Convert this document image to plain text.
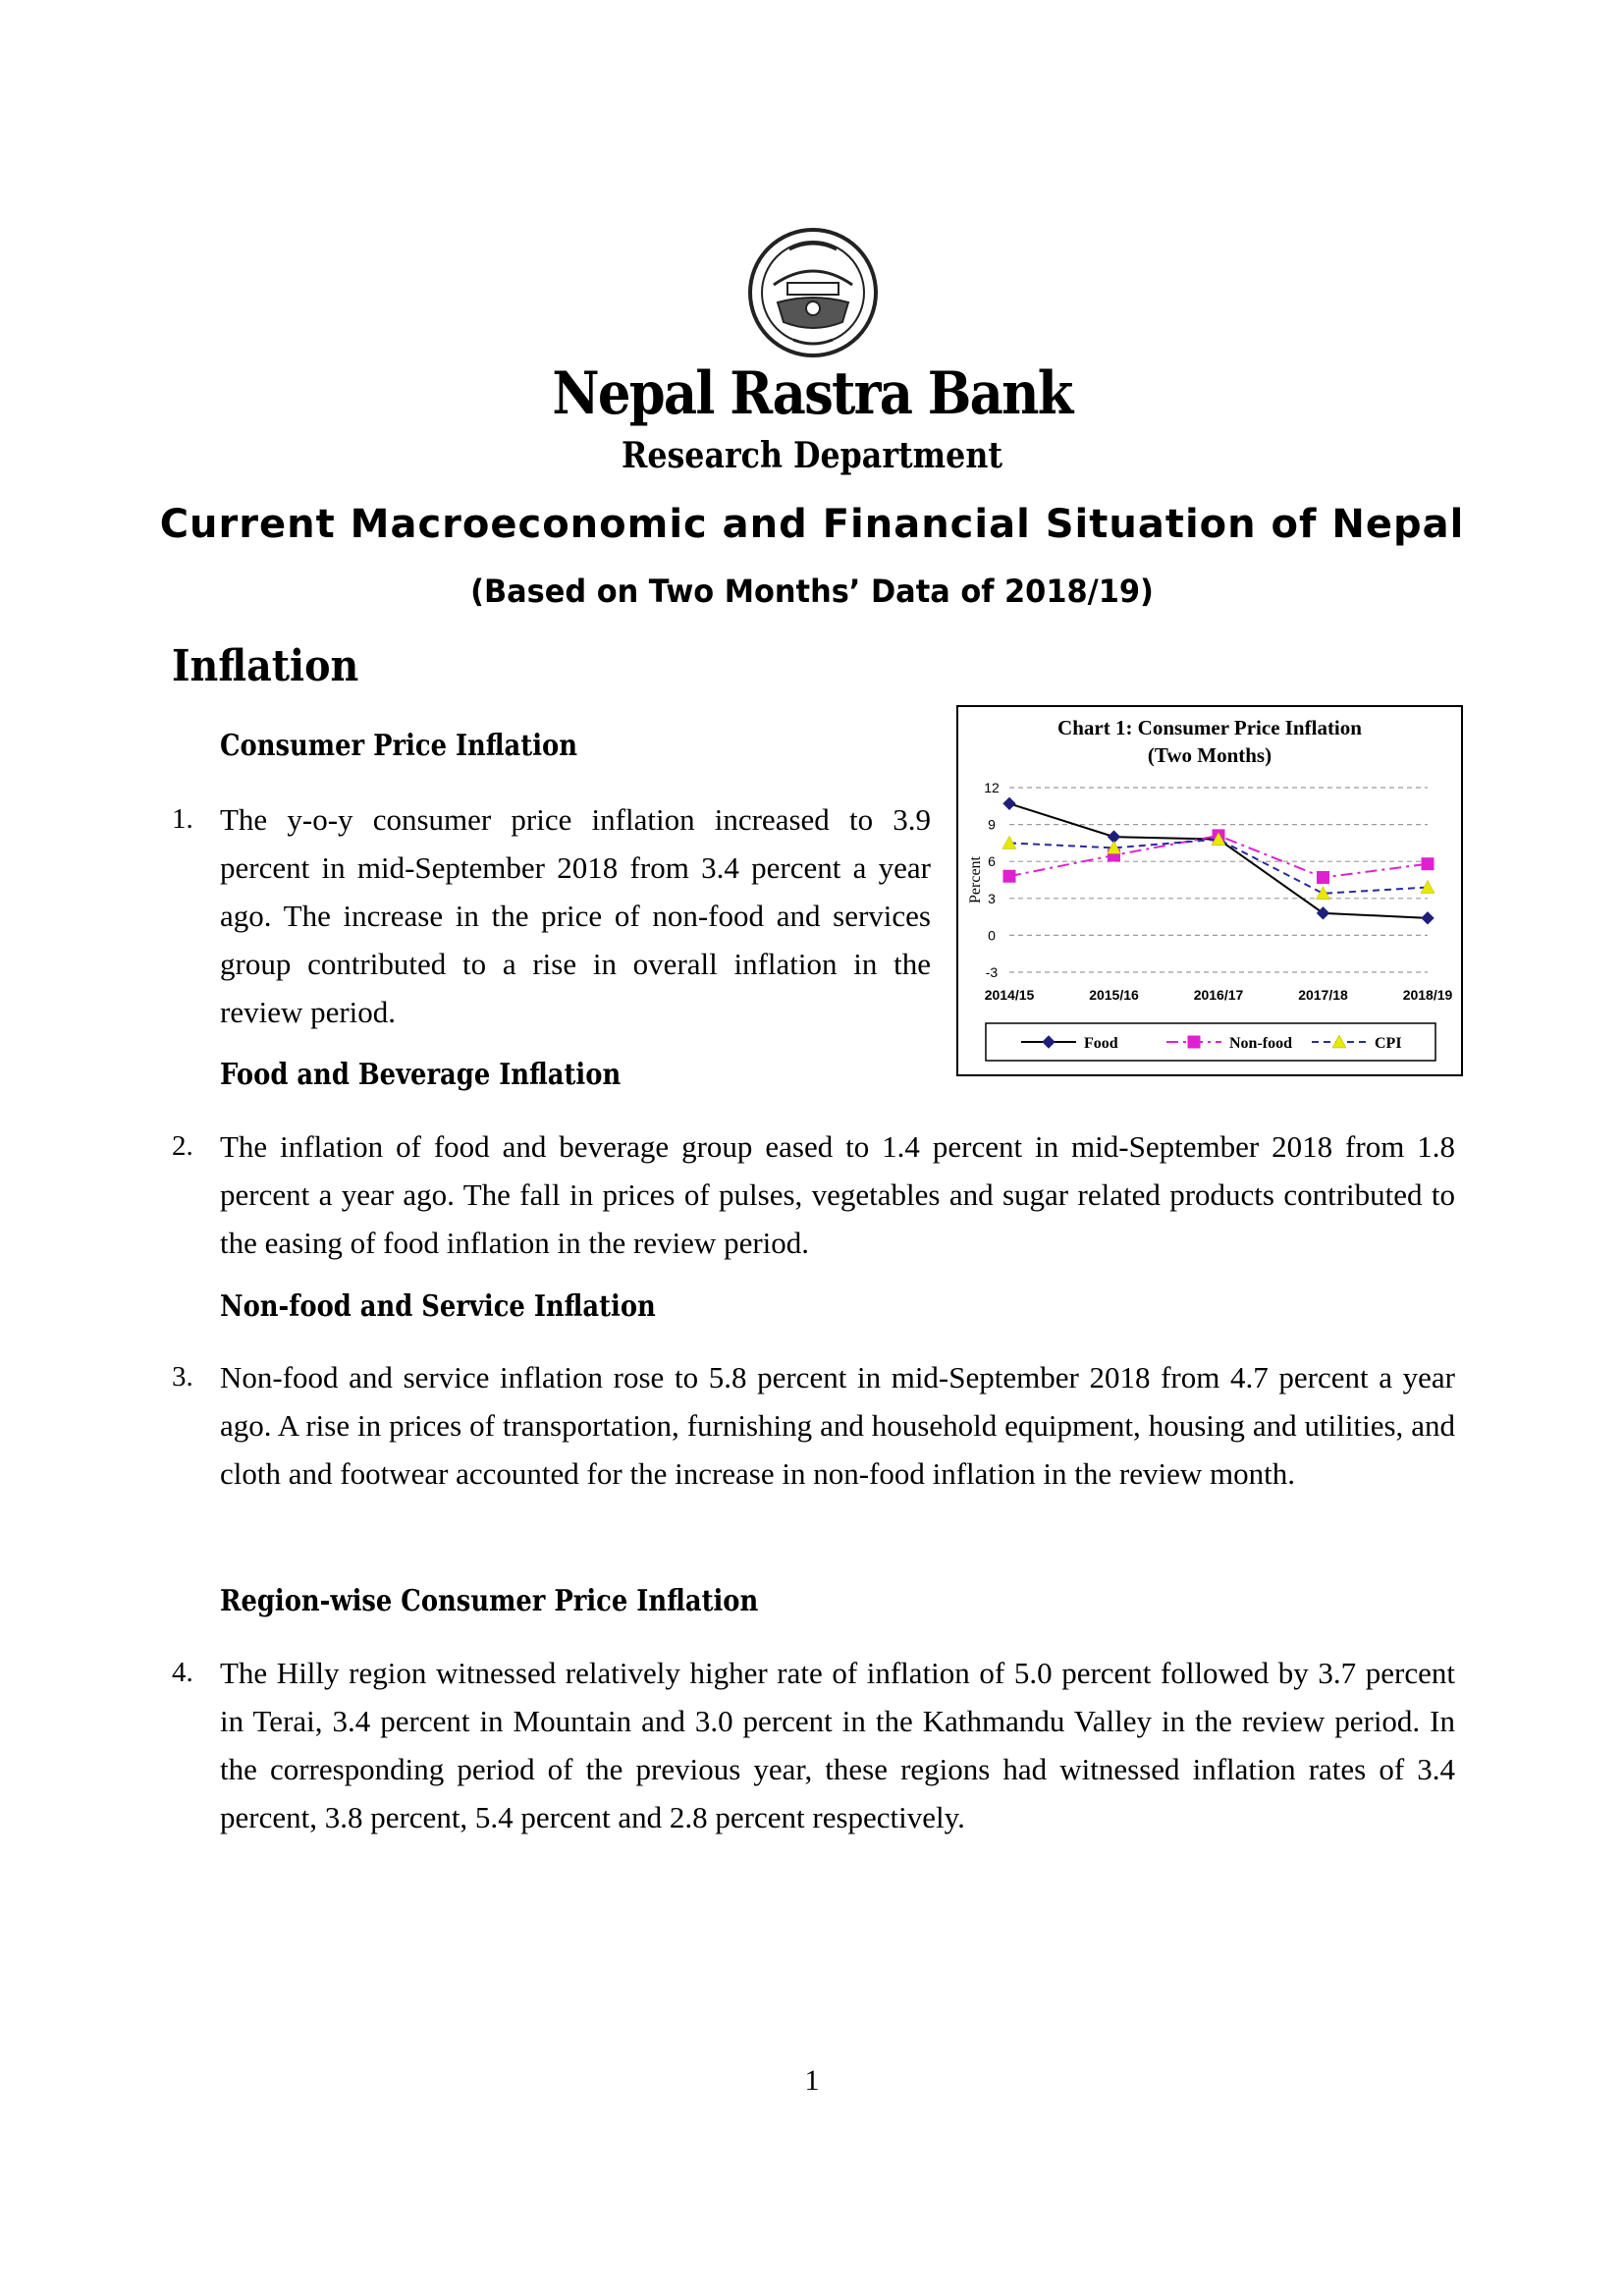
Nepal Rastra Bank
Research Department
Current Macroeconomic and Financial Situation of Nepal
(Based on Two Months’ Data of 2018/19)
Inflation
Consumer Price Inflation
1. The y-o-y consumer price inflation increased to 3.9 percent in mid-September 2018 from 3.4 percent a year ago. The increase in the price of non-food and services group contributed to a rise in overall inflation in the review period.
Chart 1: Consumer Price Inflation
(Two Months)
-3
0
3
6
9
12
Percent
2014/15	2015/16	2016/17	2017/18	2018/19
Food	Non-food	CPI
Food and Beverage Inflation
2. The inflation of food and beverage group eased to 1.4 percent in mid-September 2018 from 1.8 percent a year ago. The fall in prices of pulses, vegetables and sugar related products contributed to the easing of food inflation in the review period.
Non-food and Service Inflation
3. Non-food and service inflation rose to 5.8 percent in mid-September 2018 from 4.7 percent a year ago. A rise in prices of transportation, furnishing and household equipment, housing and utilities, and cloth and footwear accounted for the increase in non-food inflation in the review month.
Region-wise Consumer Price Inflation
4. The Hilly region witnessed relatively higher rate of inflation of 5.0 percent followed by 3.7 percent in Terai, 3.4 percent in Mountain and 3.0 percent in the Kathmandu Valley in the review period. In the corresponding period of the previous year, these regions had witnessed inflation rates of 3.4 percent, 3.8 percent, 5.4 percent and 2.8 percent respectively.
1
